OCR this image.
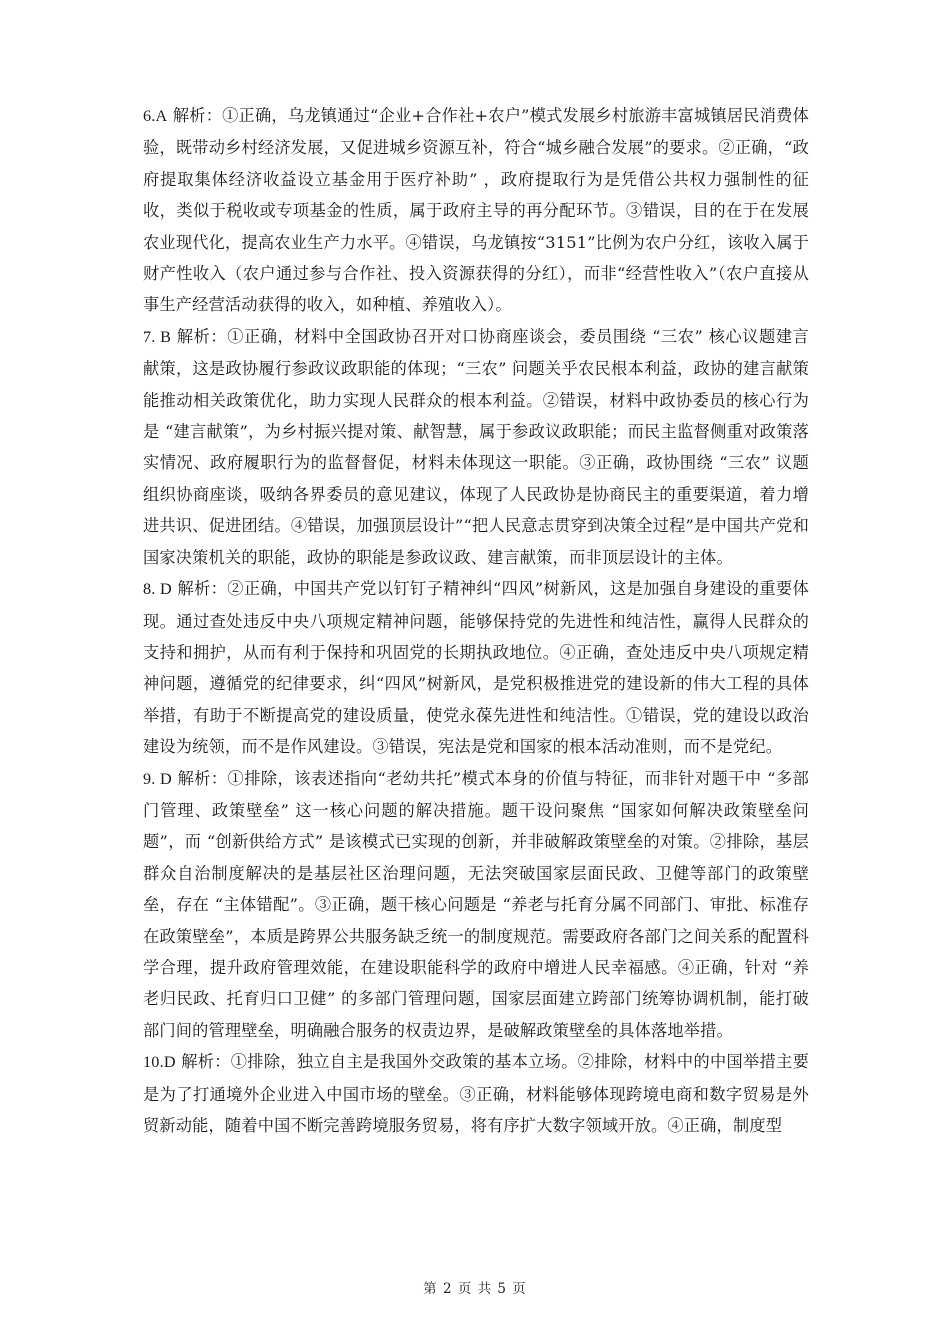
6.A 解析：①正确，乌龙镇通过“企业+合作社+农户”模式发展乡村旅游丰富城镇居民消费体验，既带动乡村经济发展，又促进城乡资源互补，符合“城乡融合发展”的要求。②正确，“政府提取集体经济收益设立基金用于医疗补助” ，政府提取行为是凭借公共权力强制性的征收，类似于税收或专项基金的性质，属于政府主导的再分配环节。③错误，目的在于在发展农业现代化，提高农业生产力水平。④错误，乌龙镇按“3151”比例为农户分红，该收入属于财产性收入（农户通过参与合作社、投入资源获得的分红），而非“经营性收入”（农户直接从事生产经营活动获得的收入，如种植、养殖收入）。

7. B 解析：①正确，材料中全国政协召开对口协商座谈会，委员围绕 “三农” 核心议题建言献策，这是政协履行参政议政职能的体现；“三农” 问题关乎农民根本利益，政协的建言献策能推动相关政策优化，助力实现人民群众的根本利益。②错误，材料中政协委员的核心行为是 “建言献策”，为乡村振兴提对策、献智慧，属于参政议政职能；而民主监督侧重对政策落实情况、政府履职行为的监督督促，材料未体现这一职能。③正确，政协围绕 “三农” 议题组织协商座谈，吸纳各界委员的意见建议，体现了人民政协是协商民主的重要渠道，着力增进共识、促进团结。④错误，加强顶层设计”“把人民意志贯穿到决策全过程”是中国共产党和国家决策机关的职能，政协的职能是参政议政、建言献策，而非顶层设计的主体。

8. D 解析：②正确，中国共产党以钉钉子精神纠“四风”树新风，这是加强自身建设的重要体现。通过查处违反中央八项规定精神问题，能够保持党的先进性和纯洁性，赢得人民群众的支持和拥护，从而有利于保持和巩固党的长期执政地位。④正确，查处违反中央八项规定精神问题，遵循党的纪律要求，纠“四风”树新风，是党积极推进党的建设新的伟大工程的具体举措，有助于不断提高党的建设质量，使党永葆先进性和纯洁性。①错误，党的建设以政治建设为统领，而不是作风建设。③错误，宪法是党和国家的根本活动准则，而不是党纪。

9. D 解析：①排除，该表述指向“老幼共托”模式本身的价值与特征，而非针对题干中 “多部门管理、政策壁垒” 这一核心问题的解决措施。题干设问聚焦 “国家如何解决政策壁垒问题”，而 “创新供给方式” 是该模式已实现的创新，并非破解政策壁垒的对策。②排除，基层群众自治制度解决的是基层社区治理问题，无法突破国家层面民政、卫健等部门的政策壁垒，存在 “主体错配”。③正确，题干核心问题是 “养老与托育分属不同部门、审批、标准存在政策壁垒”，本质是跨界公共服务缺乏统一的制度规范。需要政府各部门之间关系的配置科学合理，提升政府管理效能，在建设职能科学的政府中增进人民幸福感。④正确，针对 “养老归民政、托育归口卫健” 的多部门管理问题，国家层面建立跨部门统筹协调机制，能打破部门间的管理壁垒，明确融合服务的权责边界，是破解政策壁垒的具体落地举措。

10.D 解析：①排除，独立自主是我国外交政策的基本立场。②排除，材料中的中国举措主要是为了打通境外企业进入中国市场的壁垒。③正确，材料能够体现跨境电商和数字贸易是外贸新动能，随着中国不断完善跨境服务贸易，将有序扩大数字领域开放。④正确，制度型

第 2 页 共 5 页
